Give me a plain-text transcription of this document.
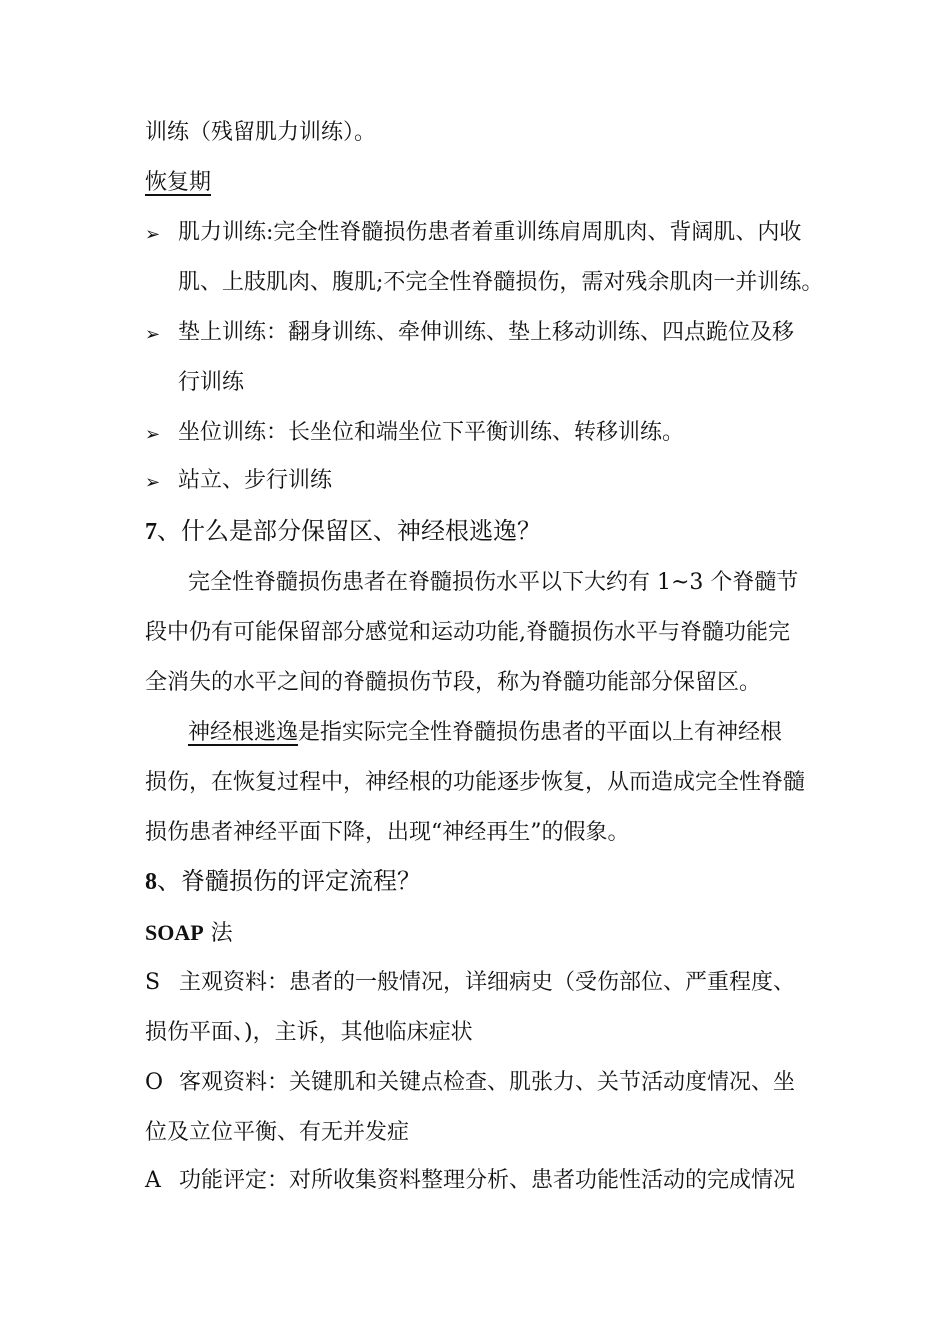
训练（残留肌力训练）。
恢复期
➢ 肌力训练:完全性脊髓损伤患者着重训练肩周肌肉、背阔肌、内收
肌、上肢肌肉、腹肌;不完全性脊髓损伤，需对残余肌肉一并训练。
➢ 垫上训练：翻身训练、牵伸训练、垫上移动训练、四点跪位及移
行训练
➢ 坐位训练：长坐位和端坐位下平衡训练、转移训练。
➢ 站立、步行训练
7、什么是部分保留区、神经根逃逸？
完全性脊髓损伤患者在脊髓损伤水平以下大约有 1~3 个脊髓节
段中仍有可能保留部分感觉和运动功能,脊髓损伤水平与脊髓功能完
全消失的水平之间的脊髓损伤节段，称为脊髓功能部分保留区。
神经根逃逸是指实际完全性脊髓损伤患者的平面以上有神经根
损伤，在恢复过程中，神经根的功能逐步恢复，从而造成完全性脊髓
损伤患者神经平面下降，出现“神经再生”的假象。
8、脊髓损伤的评定流程？
SOAP 法
S 主观资料：患者的一般情况，详细病史（受伤部位、严重程度、
损伤平面、)，主诉，其他临床症状
O 客观资料：关键肌和关键点检查、肌张力、关节活动度情况、坐
位及立位平衡、有无并发症
A 功能评定：对所收集资料整理分析、患者功能性活动的完成情况
